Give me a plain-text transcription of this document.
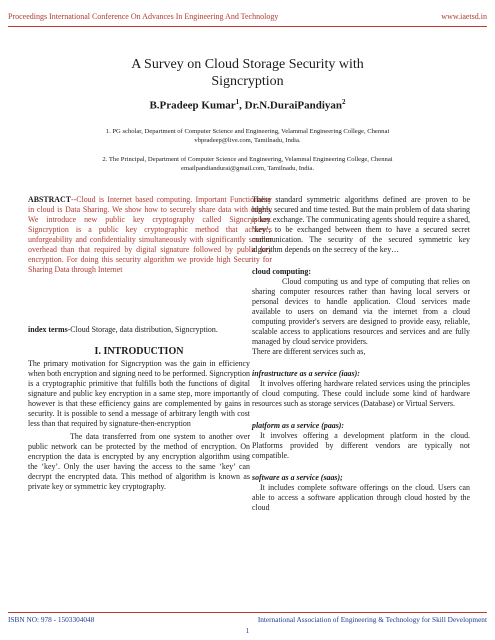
Proceedings International Conference On Advances In Engineering And Technology	www.iaetsd.in
A Survey on Cloud Storage Security with
Signcryption
B.Pradeep Kumar$^1$, Dr.N.DuraiPandiyan$^2$
1. PG scholar, Department of Computer Science and Engineering, Velammal Engineering College, Chennai
vbpradeep@live.com, Tamilnadu, India.
2. The Principal, Department of Computer Science and Engineering, Velammal Engineering College, Chennai
emailpandiandurai@gmail.com, Tamilnadu, India.
ABSTRACT--Cloud is Internet based computing. Important Functionality in cloud is Data Sharing. We show how to securely share data with others. We introduce new public key cryptography called Signcryption. Signcryption is a public key cryptographic method that achieves unforgeability and confidentiality simultaneously with significantly smaller overhead than that required by digital signature followed by public key encryption. For doing this security algorithm we provide high Security for Sharing Data through Internet
index terms-Cloud Storage, data distribution, Signcryption.
I. INTRODUCTION

The primary motivation for Signcryption was the gain in efficiency when both encryption and signing need to be performed. Signcryption is a cryptographic primitive that fulfills both the functions of digital signature and public key encryption in a same step, more importantly however is that these efficiency gains are complemented by gains in security. It is possible to send a message of arbitrary length with cost less than that required by signature-then-encryption

The data transferred from one system to another over public network can be protected by the method of encryption. On encryption the data is encrypted by any encryption algorithm using the ‘key’. Only the user having the access to the same ‘key’ can decrypt the encrypted data. This method of algorithm is known as private key or symmetric key cryptography.

These standard symmetric algorithms defined are proven to be highly secured and time tested. But the main problem of data sharing is key exchange. The communicating agents should require a shared, ‘key’, to be exchanged between them to have a secured secret communication. The security of the secured symmetric key algorithm depends on the secrecy of the key…

cloud computing:

Cloud computing us and type of computing that relies on sharing computer resources rather than having local servers or personal devices to handle application. Cloud services made available to users on demand via the internet from a cloud computing provider's servers are designed to provide easy, reliable, scalable access to applications resources and services and are fully managed by cloud service providers.

There are different services such as,

infrastructure as a service (iaas):

It involves offering hardware related services using the principles of cloud computing. These could include some kind of hardware resources such as storage services (Database) or Virtual Servers.

platform as a service (paas):

It involves offering a development platform in the cloud. Platforms provided by different vendors are typically not compatible.

software as a service (saas);

It includes complete software offerings on the cloud. Users can able to access a software application through cloud hosted by the cloud

ISBN NO: 978 - 1503304048	International Association of Engineering & Technology for Skill Development
1
